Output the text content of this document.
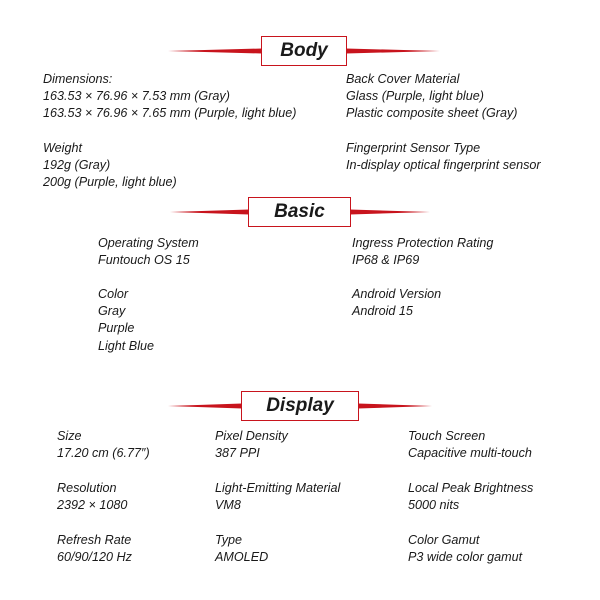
Body
Dimensions:
163.53 × 76.96 × 7.53 mm (Gray)
163.53 × 76.96 × 7.65 mm (Purple, light blue)
Weight
192g (Gray)
200g (Purple, light blue)
Back Cover Material
Glass (Purple, light blue)
Plastic composite sheet (Gray)
Fingerprint Sensor Type
In-display optical fingerprint sensor
Basic
Operating System
Funtouch OS 15
Color
Gray
Purple
Light Blue
Ingress Protection Rating
IP68 & IP69
Android Version
Android 15
Display
Size
17.20 cm (6.77″)
Resolution
2392 × 1080
Refresh Rate
60/90/120 Hz
Pixel Density
387 PPI
Light-Emitting Material
VM8
Type
AMOLED
Touch Screen
Capacitive multi-touch
Local Peak Brightness
5000 nits
Color Gamut
P3 wide color gamut
